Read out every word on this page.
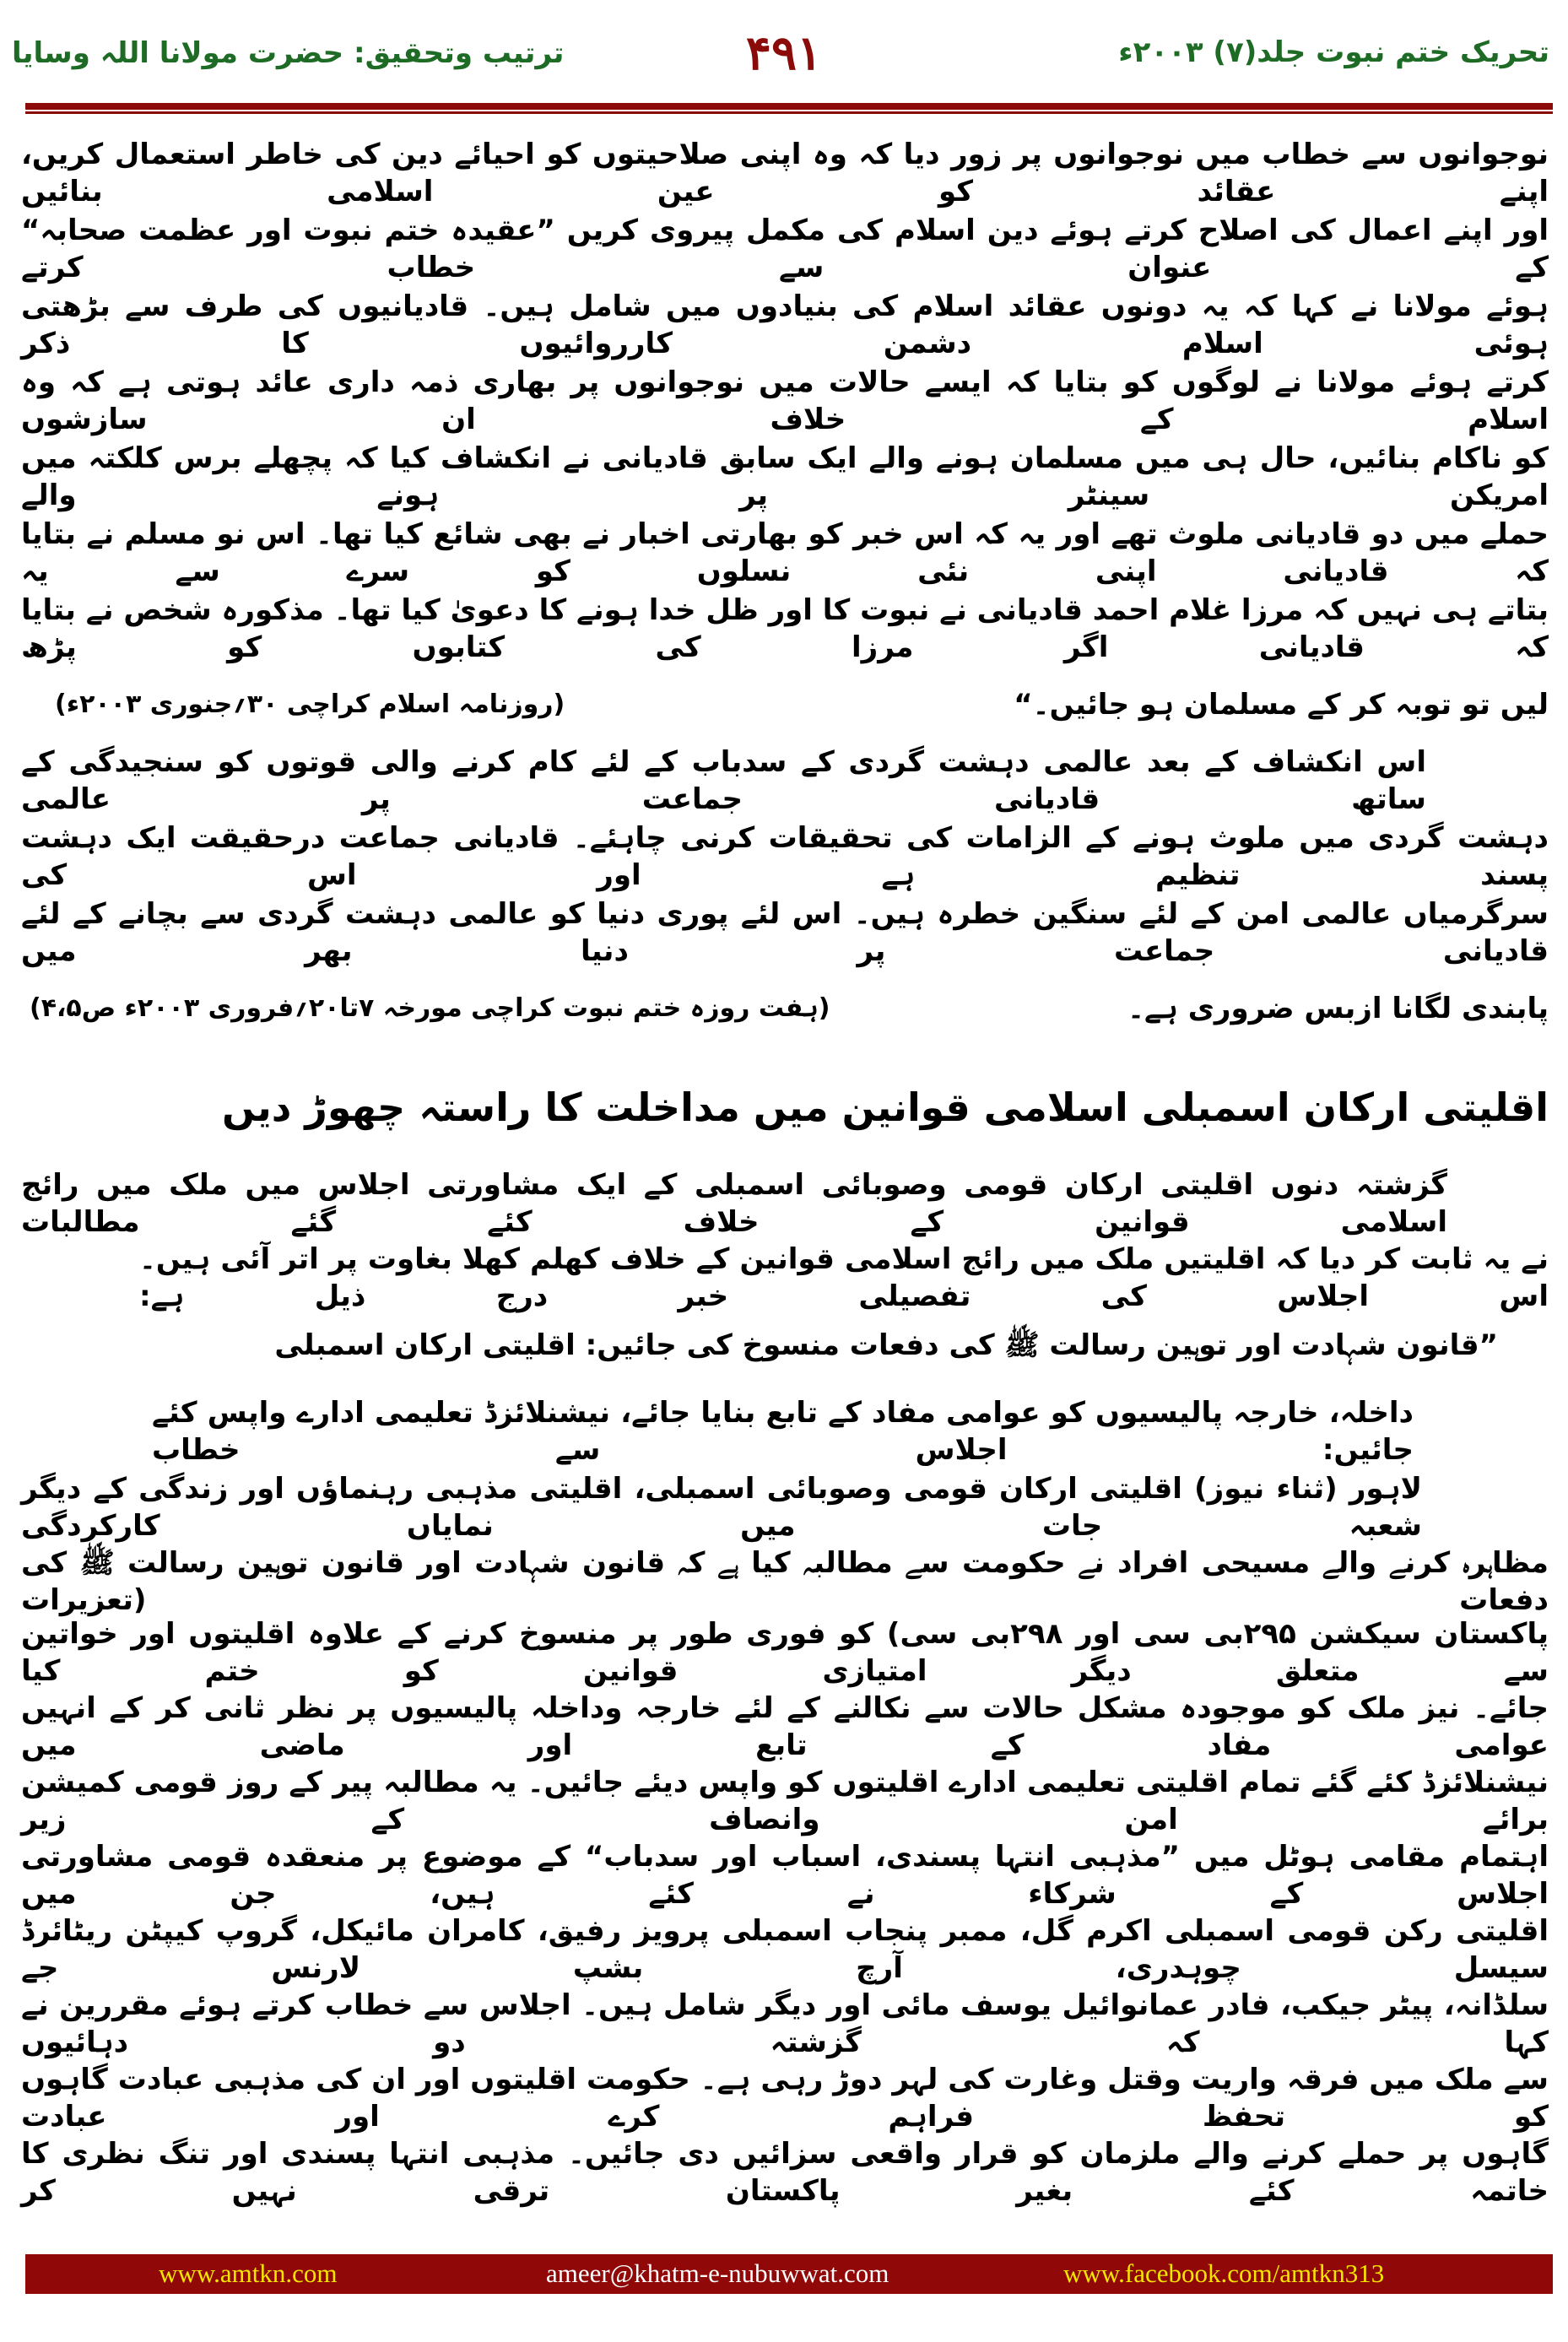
ترتیب وتحقیق: حضرت مولانا اللہ وسایا	۴۹۱	تحریک ختم نبوت جلد(۷) ۲۰۰۳ء
نوجوانوں سے خطاب میں نوجوانوں پر زور دیا کہ وہ اپنی صلاحیتوں کو احیائے دین کی خاطر استعمال کریں، اپنے عقائد کو عین اسلامی بنائیں
اور اپنے اعمال کی اصلاح کرتے ہوئے دین اسلام کی مکمل پیروی کریں ”عقیدہ ختم نبوت اور عظمت صحابہ“ کے عنوان سے خطاب کرتے
ہوئے مولانا نے کہا کہ یہ دونوں عقائد اسلام کی بنیادوں میں شامل ہیں۔ قادیانیوں کی طرف سے بڑھتی ہوئی اسلام دشمن کارروائیوں کا ذکر
کرتے ہوئے مولانا نے لوگوں کو بتایا کہ ایسے حالات میں نوجوانوں پر بھاری ذمہ داری عائد ہوتی ہے کہ وہ اسلام کے خلاف ان سازشوں
کو ناکام بنائیں، حال ہی میں مسلمان ہونے والے ایک سابق قادیانی نے انکشاف کیا کہ پچھلے برس کلکتہ میں امریکن سینٹر پر ہونے والے
حملے میں دو قادیانی ملوث تھے اور یہ کہ اس خبر کو بھارتی اخبار نے بھی شائع کیا تھا۔ اس نو مسلم نے بتایا کہ قادیانی اپنی نئی نسلوں کو سرے سے یہ
بتاتے ہی نہیں کہ مرزا غلام احمد قادیانی نے نبوت کا اور ظل خدا ہونے کا دعویٰ کیا تھا۔ مذکورہ شخص نے بتایا کہ قادیانی اگر مرزا کی کتابوں کو پڑھ
لیں تو توبہ کر کے مسلمان ہو جائیں۔“
(روزنامہ اسلام کراچی ۳۰؍جنوری ۲۰۰۳ء)
اس انکشاف کے بعد عالمی دہشت گردی کے سدباب کے لئے کام کرنے والی قوتوں کو سنجیدگی کے ساتھ قادیانی جماعت پر عالمی
دہشت گردی میں ملوث ہونے کے الزامات کی تحقیقات کرنی چاہئے۔ قادیانی جماعت درحقیقت ایک دہشت پسند تنظیم ہے اور اس کی
سرگرمیاں عالمی امن کے لئے سنگین خطرہ ہیں۔ اس لئے پوری دنیا کو عالمی دہشت گردی سے بچانے کے لئے قادیانی جماعت پر دنیا بھر میں
پابندی لگانا ازبس ضروری ہے۔
(ہفت روزہ ختم نبوت کراچی مورخہ ۷تا۲۰؍فروری ۲۰۰۳ء ص۴،۵)
اقلیتی ارکان اسمبلی اسلامی قوانین میں مداخلت کا راستہ چھوڑ دیں
گزشتہ دنوں اقلیتی ارکان قومی وصوبائی اسمبلی کے ایک مشاورتی اجلاس میں ملک میں رائج اسلامی قوانین کے خلاف کئے گئے مطالبات
نے یہ ثابت کر دیا کہ اقلیتیں ملک میں رائج اسلامی قوانین کے خلاف کھلم کھلا بغاوت پر اتر آئی ہیں۔ اس اجلاس کی تفصیلی خبر درج ذیل ہے:
”قانون شہادت اور توہین رسالت ﷺ کی دفعات منسوخ کی جائیں: اقلیتی ارکان اسمبلی
داخلہ، خارجہ پالیسیوں کو عوامی مفاد کے تابع بنایا جائے، نیشنلائزڈ تعلیمی ادارے واپس کئے جائیں: اجلاس سے خطاب
لاہور (ثناء نیوز) اقلیتی ارکان قومی وصوبائی اسمبلی، اقلیتی مذہبی رہنماؤں اور زندگی کے دیگر شعبہ جات میں نمایاں کارکردگی
مظاہرہ کرنے والے مسیحی افراد نے حکومت سے مطالبہ کیا ہے کہ قانون شہادت اور قانون توہین رسالت ﷺ کی دفعات (تعزیرات
پاکستان سیکشن ۲۹۵بی سی اور ۲۹۸بی سی) کو فوری طور پر منسوخ کرنے کے علاوہ اقلیتوں اور خواتین سے متعلق دیگر امتیازی قوانین کو ختم کیا
جائے۔ نیز ملک کو موجودہ مشکل حالات سے نکالنے کے لئے خارجہ وداخلہ پالیسیوں پر نظر ثانی کر کے انہیں عوامی مفاد کے تابع اور ماضی میں
نیشنلائزڈ کئے گئے تمام اقلیتی تعلیمی ادارے اقلیتوں کو واپس دیئے جائیں۔ یہ مطالبہ پیر کے روز قومی کمیشن برائے امن وانصاف کے زیر
اہتمام مقامی ہوٹل میں ”مذہبی انتہا پسندی، اسباب اور سدباب“ کے موضوع پر منعقدہ قومی مشاورتی اجلاس کے شرکاء نے کئے ہیں، جن میں
اقلیتی رکن قومی اسمبلی اکرم گل، ممبر پنجاب اسمبلی پرویز رفیق، کامران مائیکل، گروپ کیپٹن ریٹائرڈ سیسل چوہدری، آرچ بشپ لارنس جے
سلڈانہ، پیٹر جیکب، فادر عمانوائیل یوسف مائی اور دیگر شامل ہیں۔ اجلاس سے خطاب کرتے ہوئے مقررین نے کہا کہ گزشتہ دو دہائیوں
سے ملک میں فرقہ واریت وقتل وغارت کی لہر دوڑ رہی ہے۔ حکومت اقلیتوں اور ان کی مذہبی عبادت گاہوں کو تحفظ فراہم کرے اور عبادت
گاہوں پر حملے کرنے والے ملزمان کو قرار واقعی سزائیں دی جائیں۔ مذہبی انتہا پسندی اور تنگ نظری کا خاتمہ کئے بغیر پاکستان ترقی نہیں کر
www.amtkn.com	ameer@khatm-e-nubuwwat.com	www.facebook.com/amtkn313
